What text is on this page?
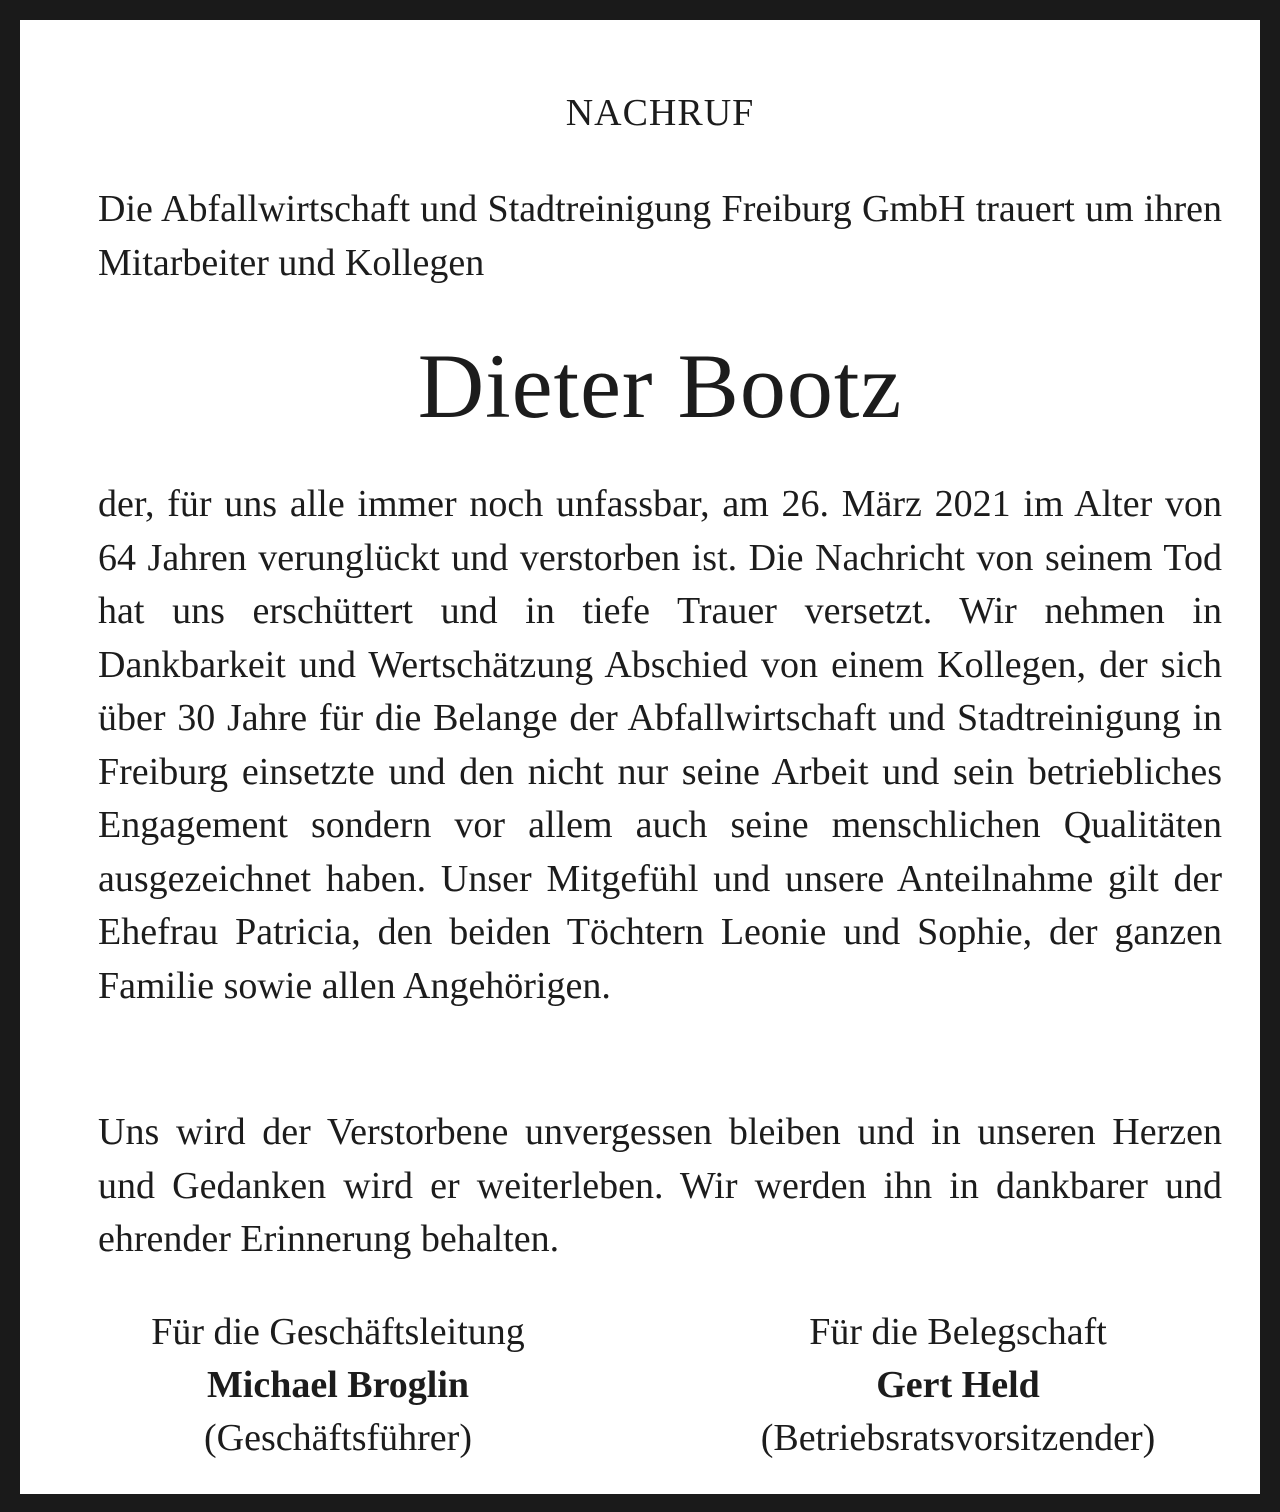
NACHRUF
Die Abfallwirtschaft und Stadtreinigung Freiburg GmbH trauert um ihren Mitarbeiter und Kollegen
Dieter Bootz
der, für uns alle immer noch unfassbar, am 26. März 2021 im Alter von 64 Jahren verunglückt und verstorben ist. Die Nachricht von seinem Tod hat uns erschüttert und in tiefe Trauer versetzt. Wir nehmen in Dankbarkeit und Wertschätzung Abschied von einem Kollegen, der sich über 30 Jahre für die Belange der Abfallwirtschaft und Stadtreinigung in Freiburg einsetzte und den nicht nur seine Arbeit und sein betriebliches Engagement sondern vor allem auch seine menschlichen Qualitäten ausgezeichnet haben. Unser Mitgefühl und unsere Anteilnahme gilt der Ehefrau Patricia, den beiden Töchtern Leonie und Sophie, der ganzen Familie sowie allen Angehörigen.
Uns wird der Verstorbene unvergessen bleiben und in unseren Herzen und Gedanken wird er weiterleben. Wir werden ihn in dankbarer und ehrender Erinnerung behalten.
Für die Geschäftsleitung
Michael Broglin
(Geschäftsführer)
Für die Belegschaft
Gert Held
(Betriebsratsvorsitzender)
